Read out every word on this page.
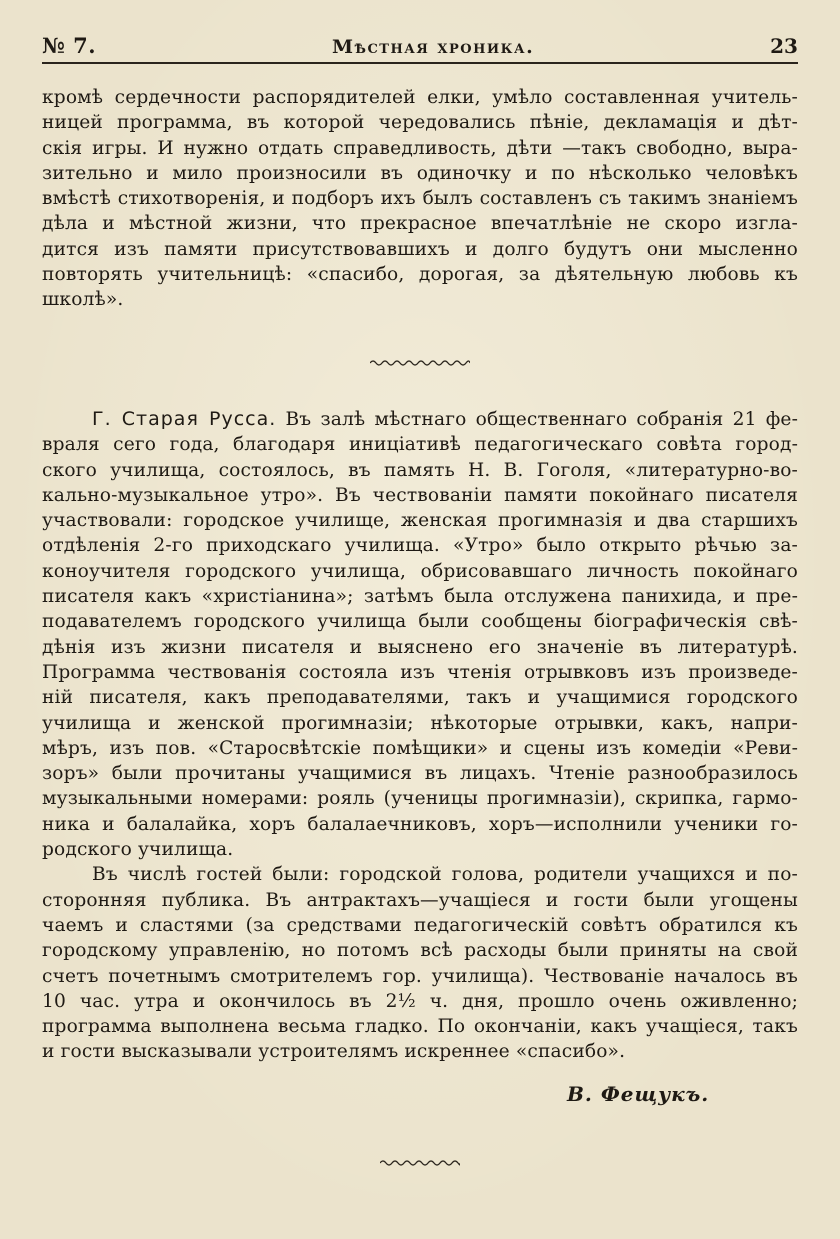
№ 7.	Мѣстная хроника.	23
кромѣ сердечности распорядителей елки, умѣло составленная учитель-
ницей программа, въ которой чередовались пѣніе, декламація и дѣт-
скія игры. И нужно отдать справедливость, дѣти —такъ свободно, выра-
зительно и мило произносили въ одиночку и по нѣсколько человѣкъ
вмѣстѣ стихотворенія, и подборъ ихъ былъ составленъ съ такимъ знаніемъ
дѣла и мѣстной жизни, что прекрасное впечатлѣніе не скоро изгла-
дится изъ памяти присутствовавшихъ и долго будутъ они мысленно
повторять учительницѣ: «спасибо, дорогая, за дѣятельную любовь къ
школѣ».

Г. Старая Русса. Въ залѣ мѣстнаго общественнаго собранія 21 фе-
враля сего года, благодаря иниціативѣ педагогическаго совѣта город-
ского училища, состоялось, въ память Н. В. Гоголя, «литературно-во-
кально-музыкальное утро». Въ чествованіи памяти покойнаго писателя
участвовали: городское училище, женская прогимназія и два старшихъ
отдѣленія 2-го приходскаго училища. «Утро» было открыто рѣчью за-
коноучителя городского училища, обрисовавшаго личность покойнаго
писателя какъ «христіанина»; затѣмъ была отслужена панихида, и пре-
подавателемъ городского училища были сообщены біографическія свѣ-
дѣнія изъ жизни писателя и выяснено его значеніе въ литературѣ.
Программа чествованія состояла изъ чтенія отрывковъ изъ произведе-
ній писателя, какъ преподавателями, такъ и учащимися городского
училища и женской прогимназіи; нѣкоторые отрывки, какъ, напри-
мѣръ, изъ пов. «Старосвѣтскіе помѣщики» и сцены изъ комедіи «Реви-
зоръ» были прочитаны учащимися въ лицахъ. Чтеніе разнообразилось
музыкальными номерами: рояль (ученицы прогимназіи), скрипка, гармо-
ника и балалайка, хоръ балалаечниковъ, хоръ—исполнили ученики го-
родского училища.

Въ числѣ гостей были: городской голова, родители учащихся и по-
сторонняя публика. Въ антрактахъ—учащіеся и гости были угощены
чаемъ и сластями (за средствами педагогическій совѣтъ обратился къ
городскому управленію, но потомъ всѣ расходы были приняты на свой
счетъ почетнымъ смотрителемъ гор. училища). Чествованіе началось въ
10 час. утра и окончилось въ 2½ ч. дня, прошло очень оживленно;
программа выполнена весьма гладко. По окончаніи, какъ учащіеся, такъ
и гости высказывали устроителямъ искреннее «спасибо».

В. Фещукъ.
